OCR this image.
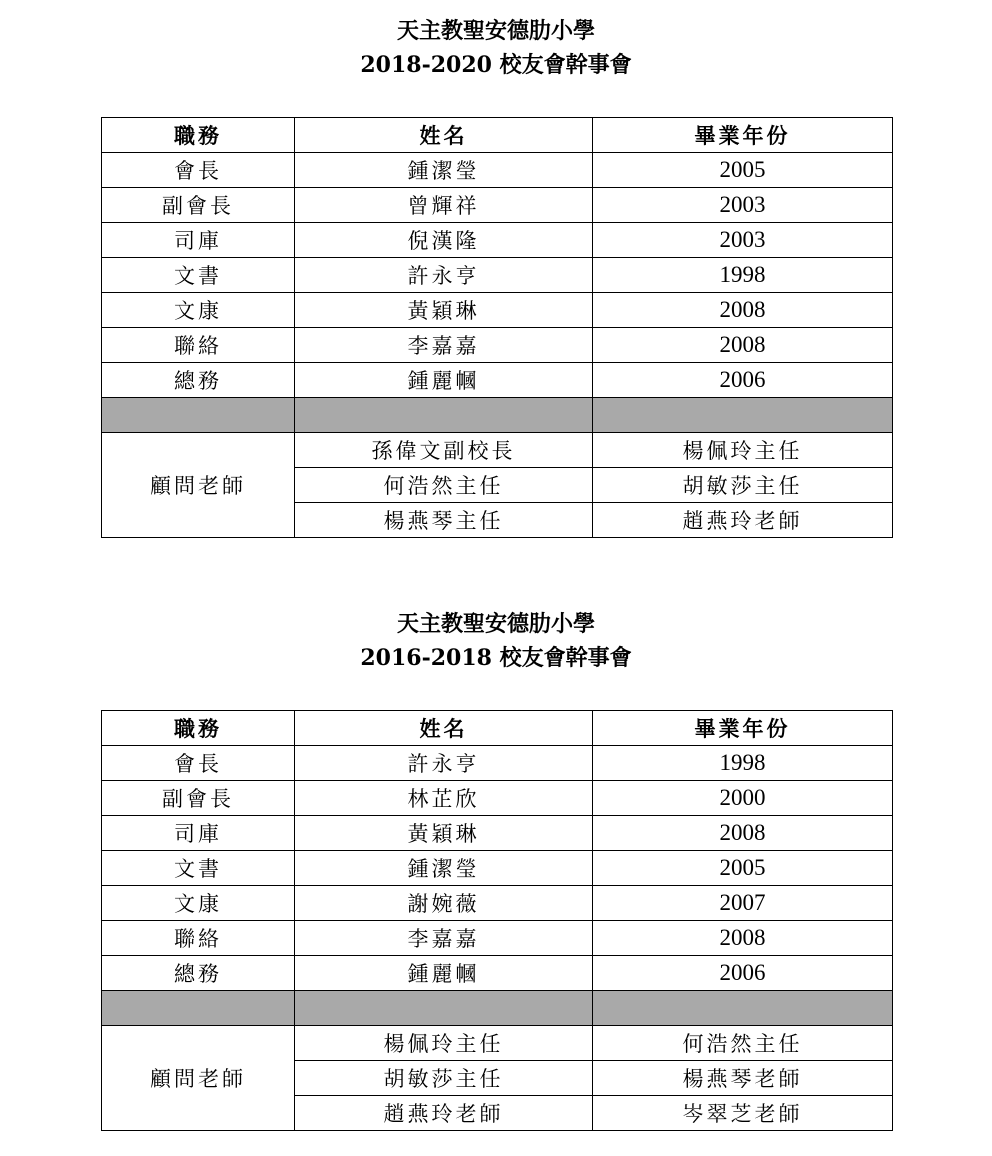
天主教聖安德肋小學
2018-2020 校友會幹事會
職務	姓名	畢業年份
會長	鍾潔瑩	2005
副會長	曾輝祥	2003
司庫	倪漢隆	2003
文書	許永亨	1998
文康	黃穎琳	2008
聯絡	李嘉嘉	2008
總務	鍾麗幗	2006

顧問老師	孫偉文副校長	楊佩玲主任
	何浩然主任	胡敏莎主任
	楊燕琴主任	趙燕玲老師
天主教聖安德肋小學
2016-2018 校友會幹事會
職務	姓名	畢業年份
會長	許永亨	1998
副會長	林芷欣	2000
司庫	黃穎琳	2008
文書	鍾潔瑩	2005
文康	謝婉薇	2007
聯絡	李嘉嘉	2008
總務	鍾麗幗	2006

顧問老師	楊佩玲主任	何浩然主任
	胡敏莎主任	楊燕琴老師
	趙燕玲老師	岑翠芝老師
